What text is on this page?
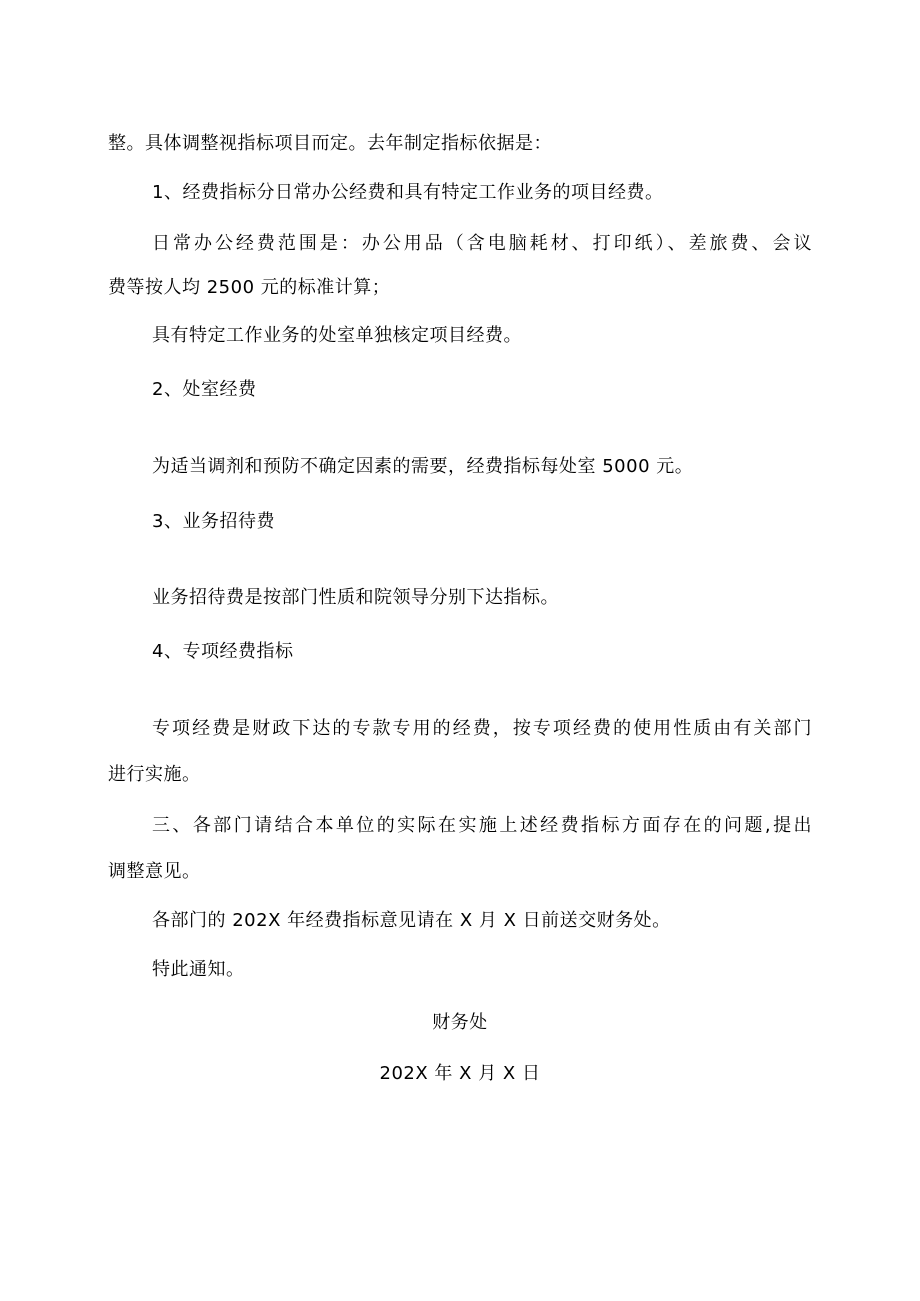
整。具体调整视指标项目而定。去年制定指标依据是：
1、经费指标分日常办公经费和具有特定工作业务的项目经费。
日常办公经费范围是：办公用品（含电脑耗材、打印纸）、差旅费、会议
费等按人均 2500 元的标准计算；
具有特定工作业务的处室单独核定项目经费。
2、处室经费
为适当调剂和预防不确定因素的需要，经费指标每处室 5000 元。
3、业务招待费
业务招待费是按部门性质和院领导分别下达指标。
4、专项经费指标
专项经费是财政下达的专款专用的经费，按专项经费的使用性质由有关部门
进行实施。
三、各部门请结合本单位的实际在实施上述经费指标方面存在的问题,提出
调整意见。
各部门的 202X 年经费指标意见请在 X 月 X 日前送交财务处。
特此通知。
财务处
202X 年 X 月 X 日
